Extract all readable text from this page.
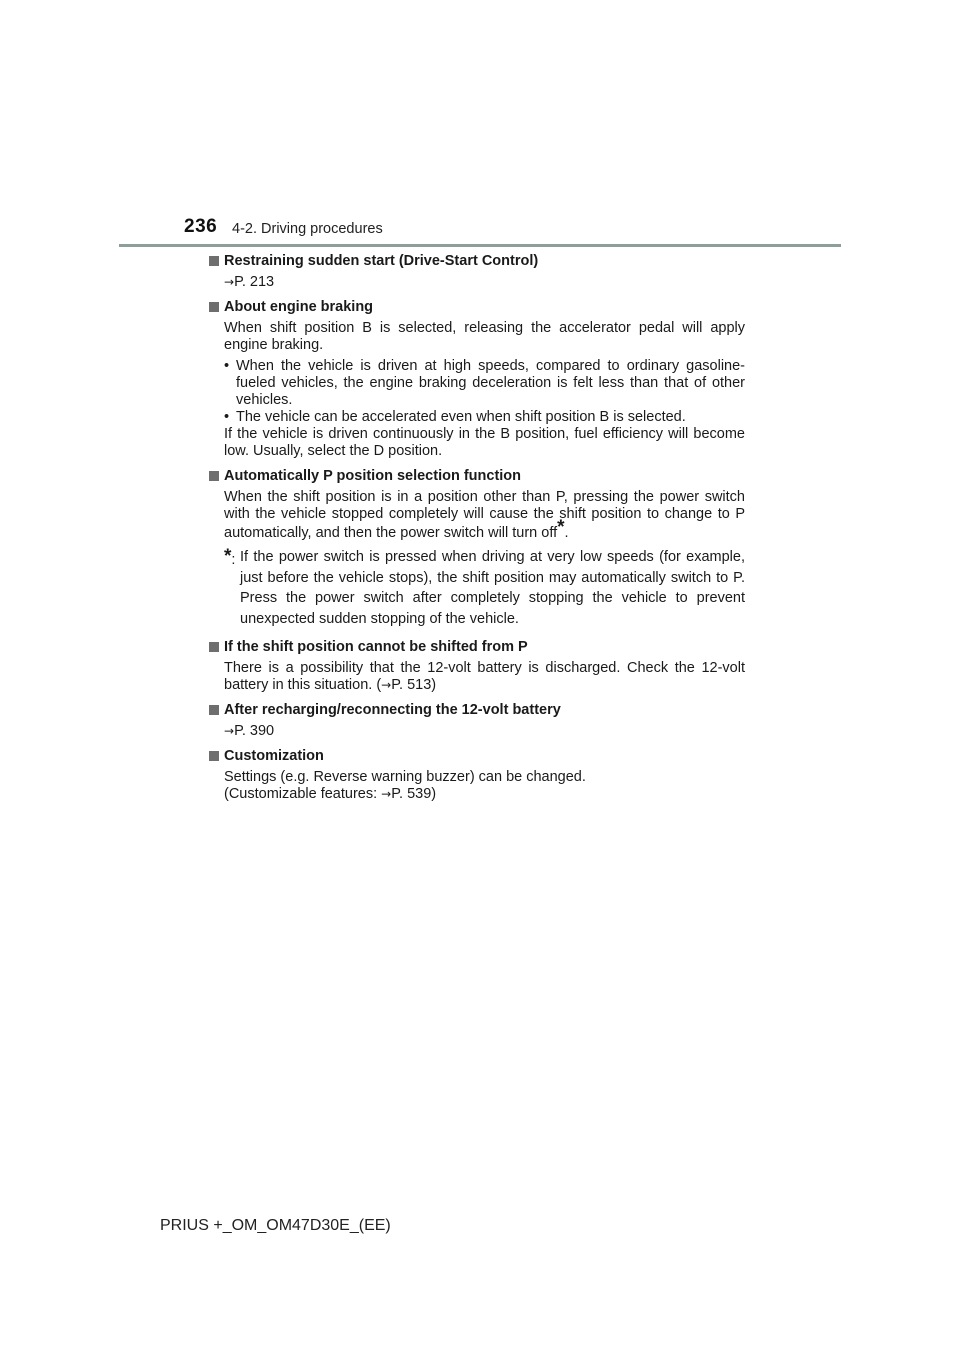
236 4-2. Driving procedures
Restraining sudden start (Drive-Start Control)
→P. 213
About engine braking

When shift position B is selected, releasing the accelerator pedal will apply engine braking.

• When the vehicle is driven at high speeds, compared to ordinary gasoline-fueled vehicles, the engine braking deceleration is felt less than that of other vehicles.
• The vehicle can be accelerated even when shift position B is selected.

If the vehicle is driven continuously in the B position, fuel efficiency will become low. Usually, select the D position.

Automatically P position selection function

When the shift position is in a position other than P, pressing the power switch with the vehicle stopped completely will cause the shift position to change to P automatically, and then the power switch will turn off*.

*: If the power switch is pressed when driving at very low speeds (for example, just before the vehicle stops), the shift position may automatically switch to P. Press the power switch after completely stopping the vehicle to prevent unexpected sudden stopping of the vehicle.
If the shift position cannot be shifted from P

There is a possibility that the 12-volt battery is discharged. Check the 12-volt battery in this situation. (→P. 513)

After recharging/reconnecting the 12-volt battery
→P. 390
Customization

Settings (e.g. Reverse warning buzzer) can be changed.

(Customizable features: →P. 539)

PRIUS +_OM_OM47D30E_(EE)
